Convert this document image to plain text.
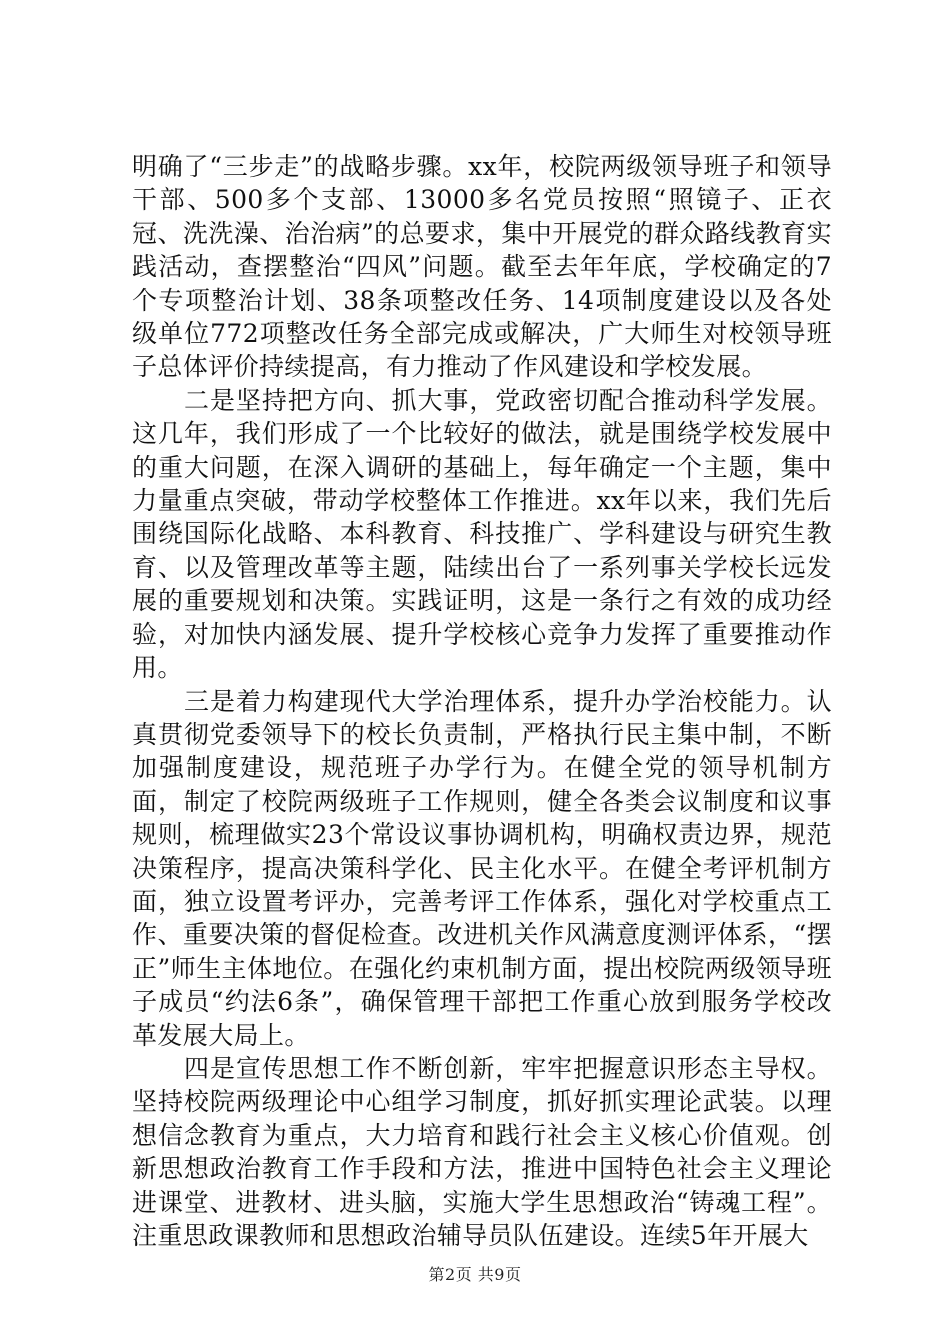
明确了“三步走”的战略步骤。xx年，校院两级领导班子和领导干部、500多个支部、13000多名党员按照“照镜子、正衣冠、洗洗澡、治治病”的总要求，集中开展党的群众路线教育实践活动，查摆整治“四风”问题。截至去年年底，学校确定的7个专项整治计划、38条项整改任务、14项制度建设以及各处级单位772项整改任务全部完成或解决，广大师生对校领导班子总体评价持续提高，有力推动了作风建设和学校发展。

二是坚持把方向、抓大事，党政密切配合推动科学发展。这几年，我们形成了一个比较好的做法，就是围绕学校发展中的重大问题，在深入调研的基础上，每年确定一个主题，集中力量重点突破，带动学校整体工作推进。xx年以来，我们先后围绕国际化战略、本科教育、科技推广、学科建设与研究生教育、以及管理改革等主题，陆续出台了一系列事关学校长远发展的重要规划和决策。实践证明，这是一条行之有效的成功经验，对加快内涵发展、提升学校核心竞争力发挥了重要推动作用。

三是着力构建现代大学治理体系，提升办学治校能力。认真贯彻党委领导下的校长负责制，严格执行民主集中制，不断加强制度建设，规范班子办学行为。在健全党的领导机制方面，制定了校院两级班子工作规则，健全各类会议制度和议事规则，梳理做实23个常设议事协调机构，明确权责边界，规范决策程序，提高决策科学化、民主化水平。在健全考评机制方面，独立设置考评办，完善考评工作体系，强化对学校重点工作、重要决策的督促检查。改进机关作风满意度测评体系，“摆正”师生主体地位。在强化约束机制方面，提出校院两级领导班子成员“约法6条”，确保管理干部把工作重心放到服务学校改革发展大局上。

四是宣传思想工作不断创新，牢牢把握意识形态主导权。坚持校院两级理论中心组学习制度，抓好抓实理论武装。以理想信念教育为重点，大力培育和践行社会主义核心价值观。创新思想政治教育工作手段和方法，推进中国特色社会主义理论进课堂、进教材、进头脑，实施大学生思想政治“铸魂工程”。注重思政课教师和思想政治辅导员队伍建设。连续5年开展大

第2页 共9页
